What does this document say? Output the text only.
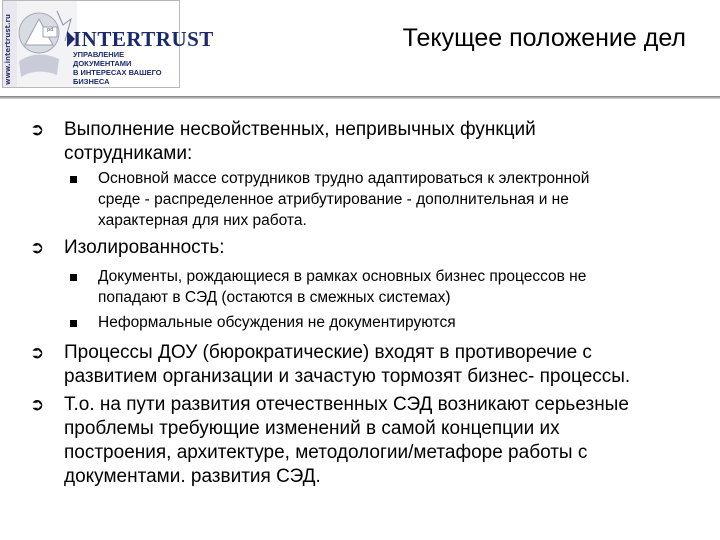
www.intertrust.ru	pd INTERTRUST
УПРАВЛЕНИЕ ДОКУМЕНТАМИ
В ИНТЕРЕСАХ ВАШЕГО БИЗНЕСА
Текущее положение дел
➲ Выполнение несвойственных, непривычных функций
сотрудниками:
Основной массе сотрудников трудно адаптироваться к электронной
среде - распределенное атрибутирование - дополнительная и не
характерная для них работа.
➲ Изолированность:
Документы, рождающиеся в рамках основных бизнес процессов не
попадают в СЭД (остаются в смежных системах)
Неформальные обсуждения не документируются
➲ Процессы ДОУ (бюрократические) входят в противоречие с
развитием организации и зачастую тормозят бизнес- процессы.
➲ Т.о. на пути развития отечественных СЭД возникают серьезные
проблемы требующие изменений в самой концепции их
построения, архитектуре, методологии/метафоре работы с
документами. развития СЭД.
